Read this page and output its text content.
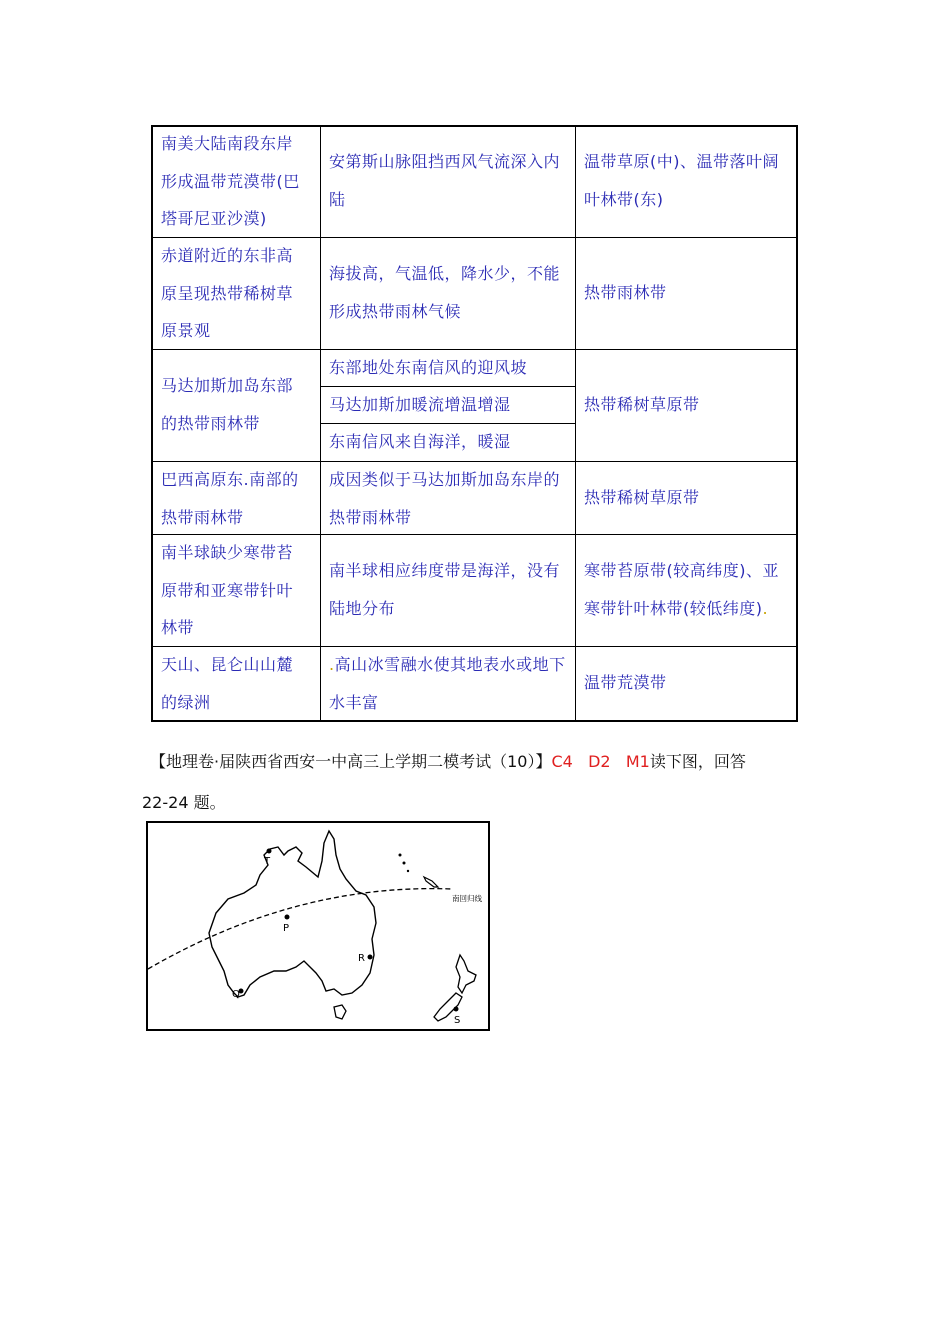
南美大陆南段东岸
形成温带荒漠带(巴
塔哥尼亚沙漠)
安第斯山脉阻挡西风气流深入内
陆
温带草原(中)、温带落叶阔
叶林带(东)
赤道附近的东非高
原呈现热带稀树草
原景观
海拔高，气温低，降水少，不能
形成热带雨林气候
热带雨林带
马达加斯加岛东部
的热带雨林带
东部地处东南信风的迎风坡
马达加斯加暖流增温增湿
东南信风来自海洋，暖湿
热带稀树草原带
巴西高原东.南部的
热带雨林带
成因类似于马达加斯加岛东岸的
热带雨林带
热带稀树草原带
南半球缺少寒带苔
原带和亚寒带针叶
林带
南半球相应纬度带是海洋，没有
陆地分布
寒带苔原带(较高纬度)、亚
寒带针叶林带(较低纬度).
天山、昆仑山山麓
的绿洲
.高山冰雪融水使其地表水或地下
水丰富
温带荒漠带
【地理卷·届陕西省西安一中高三上学期二模考试（10）】C4   D2   M1读下图，回答
22-24 题。
南回归线
T
P
R
Q
S
